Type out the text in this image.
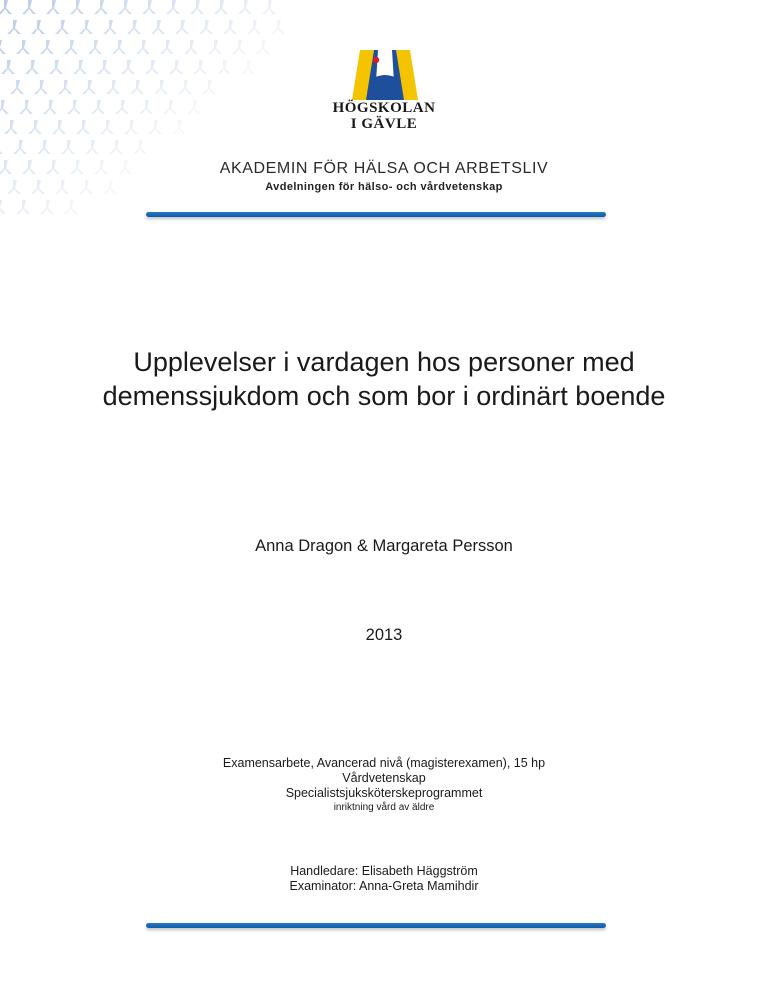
HÖGSKOLAN
I GÄVLE
AKADEMIN FÖR HÄLSA OCH ARBETSLIV
Avdelningen för hälso- och vårdvetenskap
Upplevelser i vardagen hos personer med
demenssjukdom och som bor i ordinärt boende
Anna Dragon & Margareta Persson
2013
Examensarbete, Avancerad nivå (magisterexamen), 15 hp
Vårdvetenskap
Specialistsjuksköterskeprogrammet
inriktning vård av äldre
Handledare: Elisabeth Häggström
Examinator: Anna-Greta Mamihdir
